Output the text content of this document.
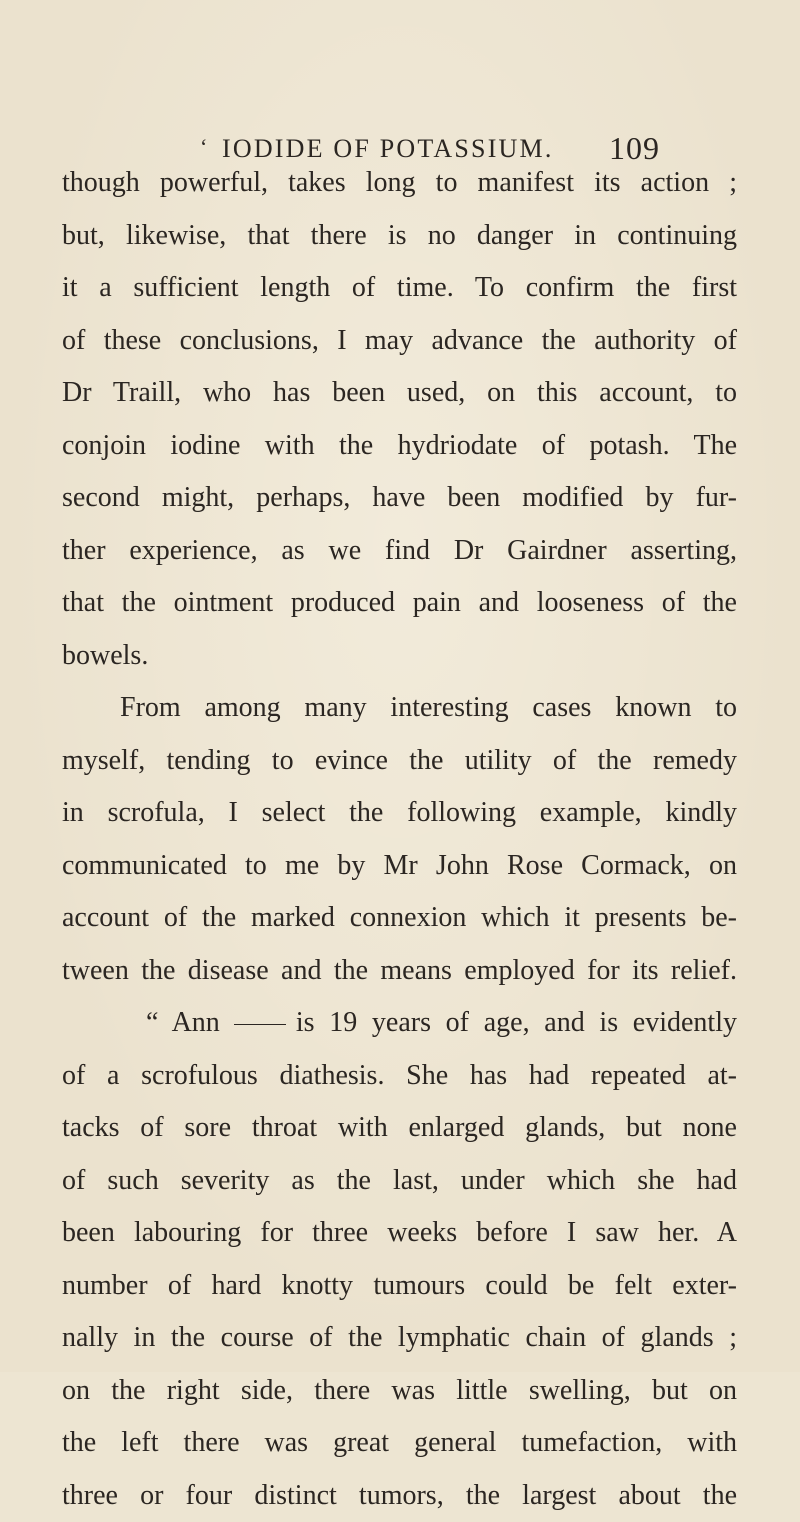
‘ IODIDE OF POTASSIUM. 109
though powerful, takes long to manifest its action ;
but, likewise, that there is no danger in continuing
it a sufficient length of time. To confirm the first
of these conclusions, I may advance the authority of
Dr Traill, who has been used, on this account, to
conjoin iodine with the hydriodate of potash. The
second might, perhaps, have been modified by fur-
ther experience, as we find Dr Gairdner asserting,
that the ointment produced pain and looseness of the
bowels.
From among many interesting cases known to
myself, tending to evince the utility of the remedy
in scrofula, I select the following example, kindly
communicated to me by Mr John Rose Cormack, on
account of the marked connexion which it presents be-
tween the disease and the means employed for its relief.
“ Ann	is 19 years of age, and is evidently
of a scrofulous diathesis. She has had repeated at-
tacks of sore throat with enlarged glands, but none
of such severity as the last, under which she had
been labouring for three weeks before I saw her. A
number of hard knotty tumours could be felt exter-
nally in the course of the lymphatic chain of glands ;
on the right side, there was little swelling, but on
the left there was great general tumefaction, with
three or four distinct tumors, the largest about the
